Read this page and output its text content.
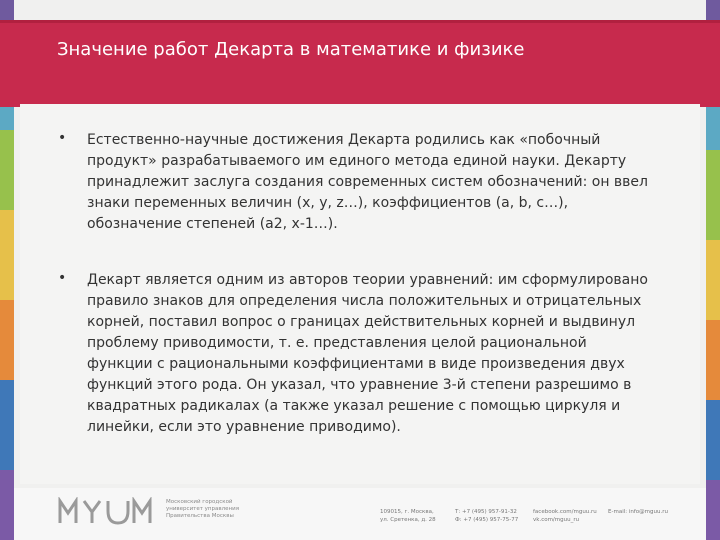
Значение работ Декарта в математике и физике
• Естественно-научные достижения Декарта родились как «побочный
продукт» разрабатываемого им единого метода единой науки. Декарту
принадлежит заслуга создания современных систем обозначений: он ввел
знаки переменных величин (x, y, z…), коэффициентов (a, b, c…),
обозначение степеней (a2, x-1…).
• Декарт является одним из авторов теории уравнений: им сформулировано
правило знаков для определения числа положительных и отрицательных
корней, поставил вопрос о границах действительных корней и выдвинул
проблему приводимости, т. е. представления целой рациональной
функции с рациональными коэффициентами в виде произведения двух
функций этого рода. Он указал, что уравнение 3-й степени разрешимо в
квадратных радикалах (а также указал решение с помощью циркуля и
линейки, если это уравнение приводимо).
Московский городской
университет управления
Правительства Москвы
109015, г. Москва,
ул. Сретенка, д. 28
Т: +7 (495) 957-91-32
Ф: +7 (495) 957-75-77
facebook.com/mguu.ru
vk.com/mguu_ru
E-mail: info@mguu.ru
